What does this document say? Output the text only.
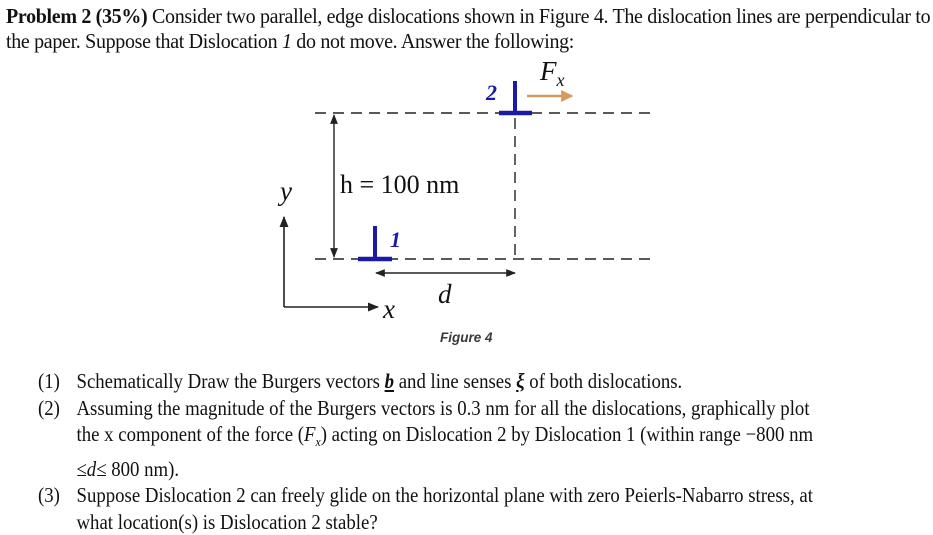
Problem 2 (35%) Consider two parallel, edge dislocations shown in Figure 4. The dislocation lines are perpendicular to the paper. Suppose that Dislocation 1 do not move. Answer the following:
2
1
$F_x$
h = 100 nm
d
y
x
Figure 4
(1) Schematically Draw the Burgers vectors b and line senses ξ of both dislocations.
(2) Assuming the magnitude of the Burgers vectors is 0.3 nm for all the dislocations, graphically plot
the x component of the force $(F_x)$ acting on Dislocation 2 by Dislocation 1 (within range −800 nm
≤d≤ 800 nm).
(3) Suppose Dislocation 2 can freely glide on the horizontal plane with zero Peierls-Nabarro stress, at
what location(s) is Dislocation 2 stable?
